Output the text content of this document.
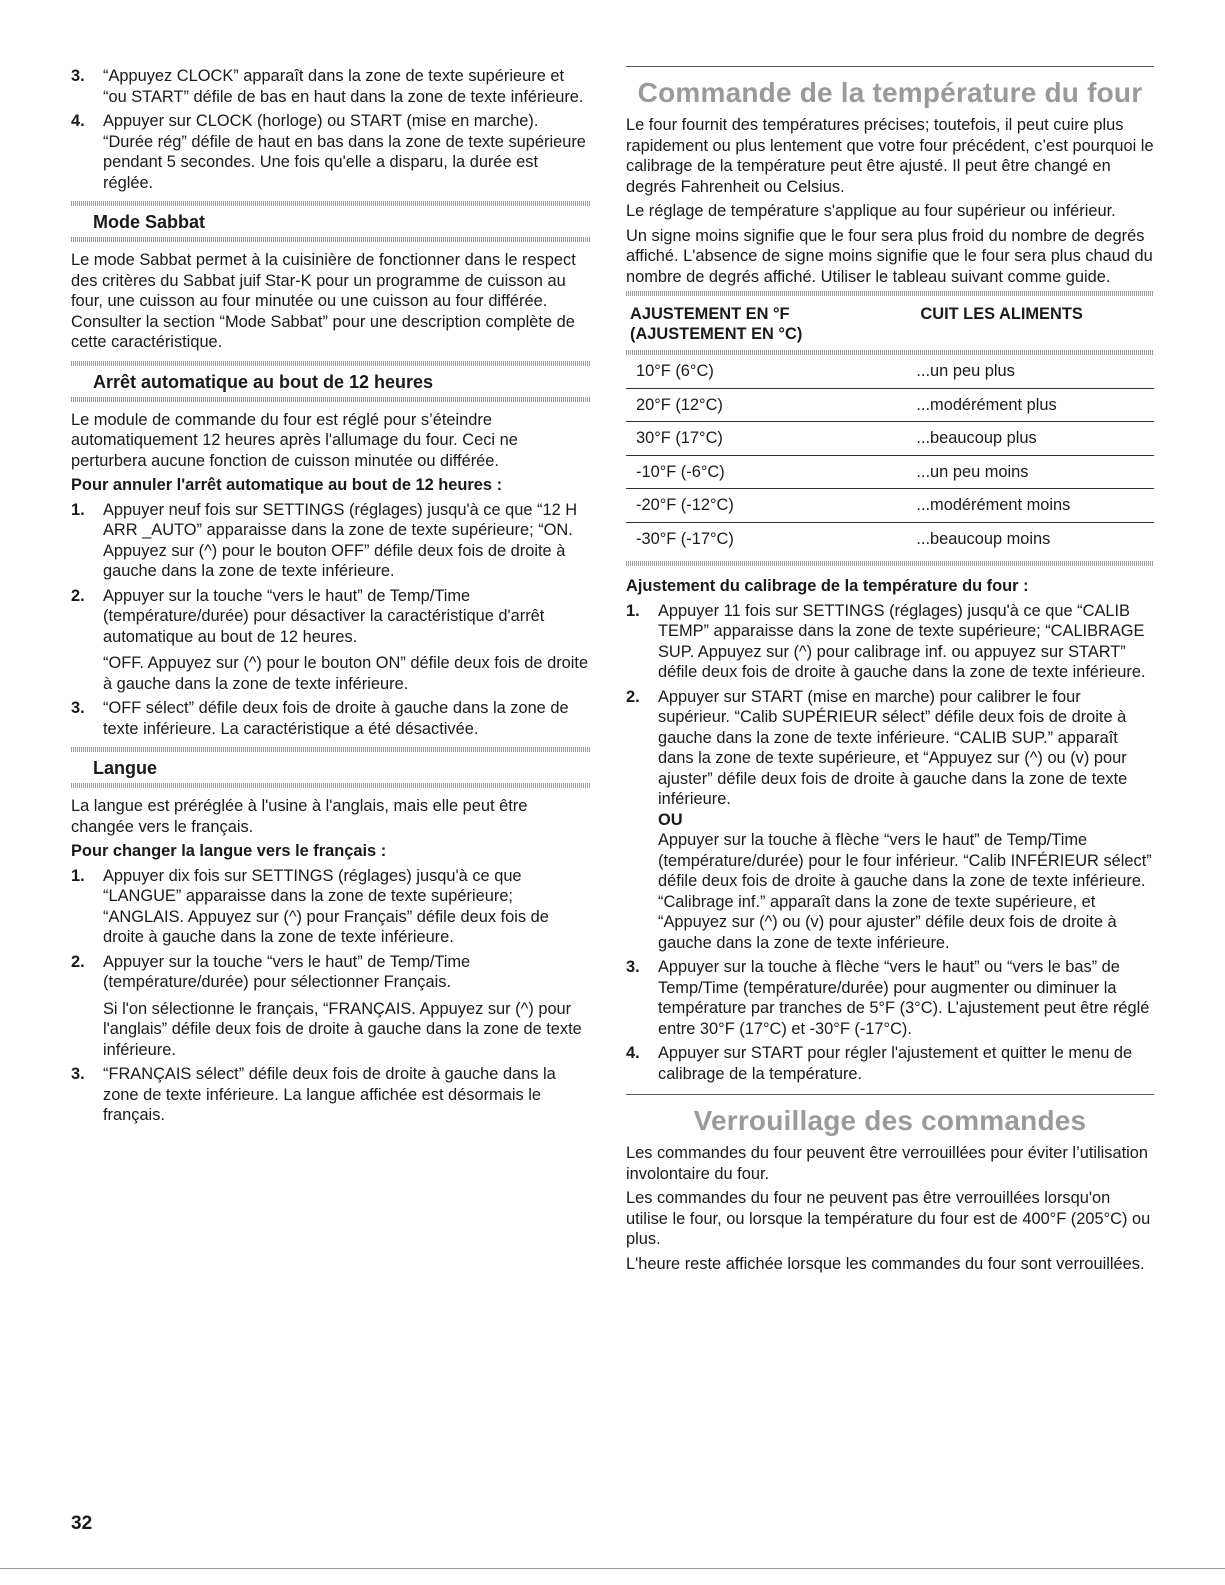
3. “Appuyez CLOCK” apparaît dans la zone de texte supérieure et “ou START” défile de bas en haut dans la zone de texte inférieure.

4. Appuyer sur CLOCK (horloge) ou START (mise en marche). “Durée rég” défile de haut en bas dans la zone de texte supérieure pendant 5 secondes. Une fois qu'elle a disparu, la durée est réglée.

Mode Sabbat

Le mode Sabbat permet à la cuisinière de fonctionner dans le respect des critères du Sabbat juif Star-K pour un programme de cuisson au four, une cuisson au four minutée ou une cuisson au four différée. Consulter la section “Mode Sabbat” pour une description complète de cette caractéristique.

Arrêt automatique au bout de 12 heures

Le module de commande du four est réglé pour s’éteindre automatiquement 12 heures après l'allumage du four. Ceci ne perturbera aucune fonction de cuisson minutée ou différée.

Pour annuler l'arrêt automatique au bout de 12 heures :

1. Appuyer neuf fois sur SETTINGS (réglages) jusqu'à ce que “12 H ARR _AUTO” apparaisse dans la zone de texte supérieure; “ON. Appuyez sur (^) pour le bouton OFF” défile deux fois de droite à gauche dans la zone de texte inférieure.

2. Appuyer sur la touche “vers le haut” de Temp/Time (température/durée) pour désactiver la caractéristique d'arrêt automatique au bout de 12 heures.

“OFF. Appuyez sur (^) pour le bouton ON” défile deux fois de droite à gauche dans la zone de texte inférieure.

3. “OFF sélect” défile deux fois de droite à gauche dans la zone de texte inférieure. La caractéristique a été désactivée.

Langue

La langue est préréglée à l'usine à l'anglais, mais elle peut être changée vers le français.

Pour changer la langue vers le français :

1. Appuyer dix fois sur SETTINGS (réglages) jusqu'à ce que “LANGUE” apparaisse dans la zone de texte supérieure; “ANGLAIS. Appuyez sur (^) pour Français” défile deux fois de droite à gauche dans la zone de texte inférieure.

2. Appuyer sur la touche “vers le haut” de Temp/Time (température/durée) pour sélectionner Français.

Si l'on sélectionne le français, “FRANÇAIS. Appuyez sur (^) pour l'anglais” défile deux fois de droite à gauche dans la zone de texte inférieure.

3. “FRANÇAIS sélect” défile deux fois de droite à gauche dans la zone de texte inférieure. La langue affichée est désormais le français.

Commande de la température du four

Le four fournit des températures précises; toutefois, il peut cuire plus rapidement ou plus lentement que votre four précédent, c’est pourquoi le calibrage de la température peut être ajusté. Il peut être changé en degrés Fahrenheit ou Celsius.

Le réglage de température s'applique au four supérieur ou inférieur.

Un signe moins signifie que le four sera plus froid du nombre de degrés affiché. L'absence de signe moins signifie que le four sera plus chaud du nombre de degrés affiché. Utiliser le tableau suivant comme guide.

AJUSTEMENT EN °F
(AJUSTEMENT EN °C)	CUIT LES ALIMENTS

10°F (6°C)	...un peu plus
20°F (12°C)	...modérément plus
30°F (17°C)	...beaucoup plus
-10°F (-6°C)	...un peu moins
-20°F (-12°C)	...modérément moins
-30°F (-17°C)	...beaucoup moins

Ajustement du calibrage de la température du four :

1. Appuyer 11 fois sur SETTINGS (réglages) jusqu'à ce que “CALIB TEMP” apparaisse dans la zone de texte supérieure; “CALIBRAGE SUP. Appuyez sur (^) pour calibrage inf. ou appuyez sur START” défile deux fois de droite à gauche dans la zone de texte inférieure.

2. Appuyer sur START (mise en marche) pour calibrer le four supérieur. “Calib SUPÉRIEUR sélect” défile deux fois de droite à gauche dans la zone de texte inférieure. “CALIB SUP.” apparaît dans la zone de texte supérieure, et “Appuyez sur (^) ou (v) pour ajuster” défile deux fois de droite à gauche dans la zone de texte inférieure.

OU

Appuyer sur la touche à flèche “vers le haut” de Temp/Time (température/durée) pour le four inférieur. “Calib INFÉRIEUR sélect” défile deux fois de droite à gauche dans la zone de texte inférieure. “Calibrage inf.” apparaît dans la zone de texte supérieure, et “Appuyez sur (^) ou (v) pour ajuster” défile deux fois de droite à gauche dans la zone de texte inférieure.

3. Appuyer sur la touche à flèche “vers le haut” ou “vers le bas” de Temp/Time (température/durée) pour augmenter ou diminuer la température par tranches de 5°F (3°C). L’ajustement peut être réglé entre 30°F (17°C) et -30°F (-17°C).

4. Appuyer sur START pour régler l'ajustement et quitter le menu de calibrage de la température.

Verrouillage des commandes

Les commandes du four peuvent être verrouillées pour éviter l’utilisation involontaire du four.

Les commandes du four ne peuvent pas être verrouillées lorsqu'on utilise le four, ou lorsque la température du four est de 400°F (205°C) ou plus.

L'heure reste affichée lorsque les commandes du four sont verrouillées.

32
